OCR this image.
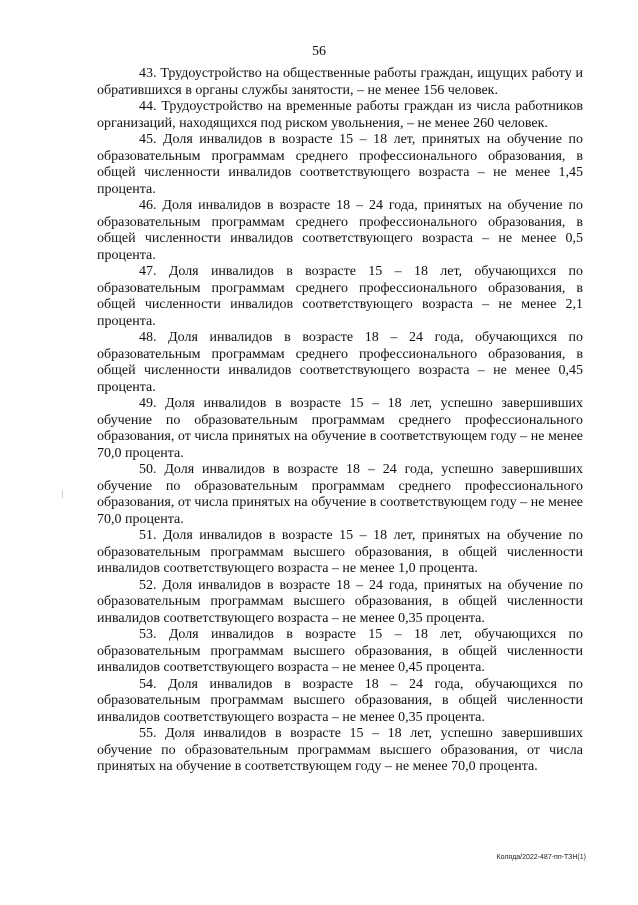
56

43. Трудоустройство на общественные работы граждан, ищущих работу и обратившихся в органы службы занятости, – не менее 156 человек.

44. Трудоустройство на временные работы граждан из числа работников организаций, находящихся под риском увольнения, – не менее 260 человек.

45. Доля инвалидов в возрасте 15 – 18 лет, принятых на обучение по образовательным программам среднего профессионального образования, в общей численности инвалидов соответствующего возраста – не менее 1,45 процента.

46. Доля инвалидов в возрасте 18 – 24 года, принятых на обучение по образовательным программам среднего профессионального образования, в общей численности инвалидов соответствующего возраста – не менее 0,5 процента.

47. Доля инвалидов в возрасте 15 – 18 лет, обучающихся по образовательным программам среднего профессионального образования, в общей численности инвалидов соответствующего возраста – не менее 2,1 процента.

48. Доля инвалидов в возрасте 18 – 24 года, обучающихся по образовательным программам среднего профессионального образования, в общей численности инвалидов соответствующего возраста – не менее 0,45 процента.

49. Доля инвалидов в возрасте 15 – 18 лет, успешно завершивших обучение по образовательным программам среднего профессионального образования, от числа принятых на обучение в соответствующем году – не менее 70,0 процента.

50. Доля инвалидов в возрасте 18 – 24 года, успешно завершивших обучение по образовательным программам среднего профессионального образования, от числа принятых на обучение в соответствующем году – не менее 70,0 процента.

51. Доля инвалидов в возрасте 15 – 18 лет, принятых на обучение по образовательным программам высшего образования, в общей численности инвалидов соответствующего возраста – не менее 1,0 процента.

52. Доля инвалидов в возрасте 18 – 24 года, принятых на обучение по образовательным программам высшего образования, в общей численности инвалидов соответствующего возраста – не менее 0,35 процента.

53. Доля инвалидов в возрасте 15 – 18 лет, обучающихся по образовательным программам высшего образования, в общей численности инвалидов соответствующего возраста – не менее 0,45 процента.

54. Доля инвалидов в возрасте 18 – 24 года, обучающихся по образовательным программам высшего образования, в общей численности инвалидов соответствующего возраста – не менее 0,35 процента.

55. Доля инвалидов в возрасте 15 – 18 лет, успешно завершивших обучение по образовательным программам высшего образования, от числа принятых на обучение в соответствующем году – не менее 70,0 процента.

Коляда/2022-487-пп-ТЗН(1)
